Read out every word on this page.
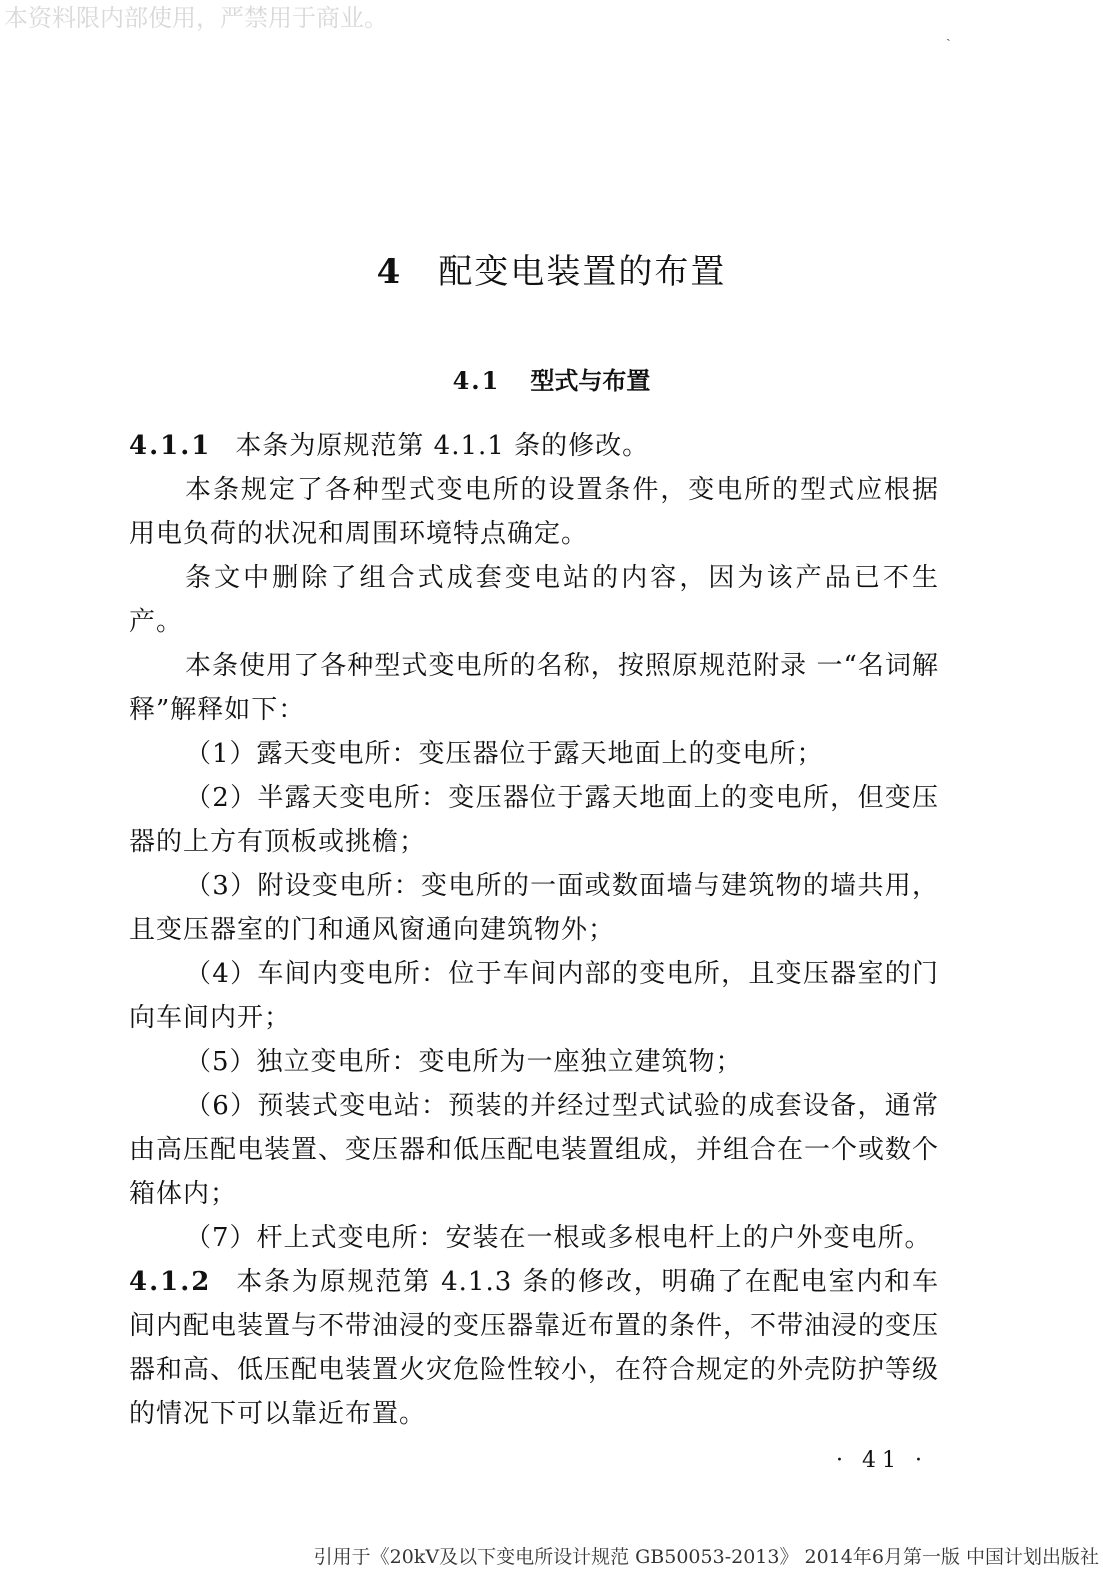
本资料限内部使用，严禁用于商业。
ˏ
4 配变电装置的布置
4.1 型式与布置

4.1.1 本条为原规范第 4.1.1 条的修改。

本条规定了各种型式变电所的设置条件，变电所的型式应根据用电负荷的状况和周围环境特点确定。

条文中删除了组合式成套变电站的内容，因为该产品已不生产。

本条使用了各种型式变电所的名称，按照原规范附录 一“名词解释”解释如下：

（1）露天变电所：变压器位于露天地面上的变电所；

（2）半露天变电所：变压器位于露天地面上的变电所，但变压器的上方有顶板或挑檐；

（3）附设变电所：变电所的一面或数面墙与建筑物的墙共用，且变压器室的门和通风窗通向建筑物外；

（4）车间内变电所：位于车间内部的变电所，且变压器室的门向车间内开；

（5）独立变电所：变电所为一座独立建筑物；

（6）预装式变电站：预装的并经过型式试验的成套设备，通常由高压配电装置、变压器和低压配电装置组成，并组合在一个或数个箱体内；

（7）杆上式变电所：安装在一根或多根电杆上的户外变电所。

4.1.2 本条为原规范第 4.1.3 条的修改，明确了在配电室内和车间内配电装置与不带油浸的变压器靠近布置的条件，不带油浸的变压器和高、低压配电装置火灾危险性较小，在符合规定的外壳防护等级的情况下可以靠近布置。

· 41 ·
引用于《20kV及以下变电所设计规范 GB50053-2013》 2014年6月第一版 中国计划出版社
